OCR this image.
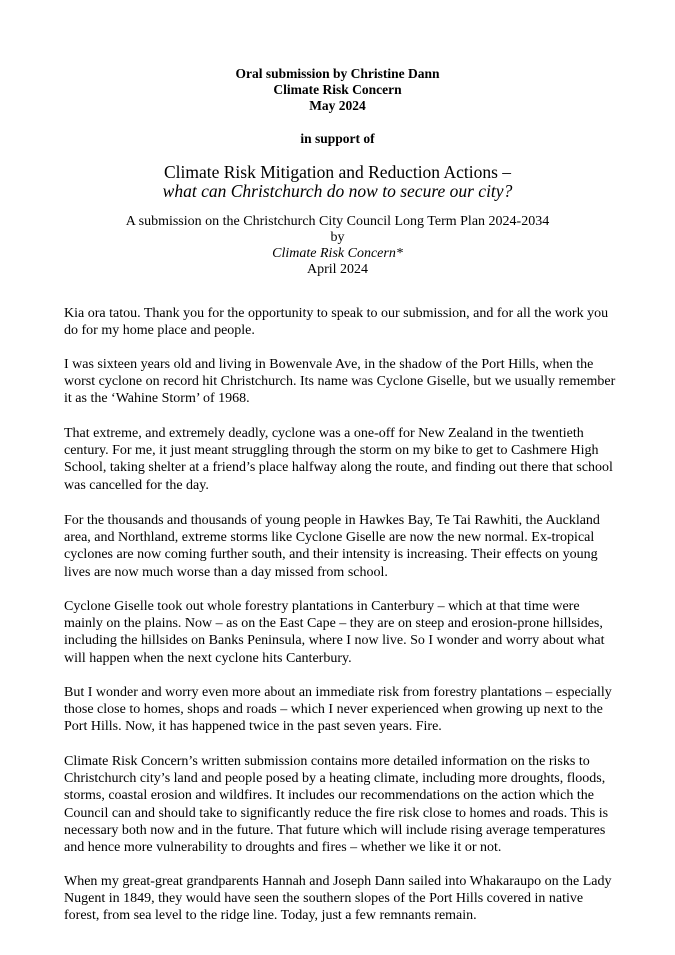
Oral submission by Christine Dann
Climate Risk Concern
May 2024
in support of
Climate Risk Mitigation and Reduction Actions –
what can Christchurch do now to secure our city?
A submission on the Christchurch City Council Long Term Plan 2024-2034
by
Climate Risk Concern*
April 2024

Kia ora tatou. Thank you for the opportunity to speak to our submission, and for all the work you do for my home place and people.

I was sixteen years old and living in Bowenvale Ave, in the shadow of the Port Hills, when the worst cyclone on record hit Christchurch. Its name was Cyclone Giselle, but we usually remember it as the ‘Wahine Storm’ of 1968.

That extreme, and extremely deadly, cyclone was a one-off for New Zealand in the twentieth century. For me, it just meant struggling through the storm on my bike to get to Cashmere High School, taking shelter at a friend’s place halfway along the route, and finding out there that school was cancelled for the day.

For the thousands and thousands of young people in Hawkes Bay, Te Tai Rawhiti, the Auckland area, and Northland, extreme storms like Cyclone Giselle are now the new normal. Ex-tropical cyclones are now coming further south, and their intensity is increasing. Their effects on young lives are now much worse than a day missed from school.

Cyclone Giselle took out whole forestry plantations in Canterbury – which at that time were mainly on the plains. Now – as on the East Cape – they are on steep and erosion-prone hillsides, including the hillsides on Banks Peninsula, where I now live. So I wonder and worry about what will happen when the next cyclone hits Canterbury.

But I wonder and worry even more about an immediate risk from forestry plantations – especially those close to homes, shops and roads – which I never experienced when growing up next to the Port Hills. Now, it has happened twice in the past seven years. Fire.

Climate Risk Concern’s written submission contains more detailed information on the risks to Christchurch city’s land and people posed by a heating climate, including more droughts, floods, storms, coastal erosion and wildfires. It includes our recommendations on the action which the Council can and should take to significantly reduce the fire risk close to homes and roads. This is necessary both now and in the future. That future which will include rising average temperatures and hence more vulnerability to droughts and fires – whether we like it or not.

When my great-great grandparents Hannah and Joseph Dann sailed into Whakaraupo on the Lady Nugent in 1849, they would have seen the southern slopes of the Port Hills covered in native forest, from sea level to the ridge line. Today, just a few remnants remain.
